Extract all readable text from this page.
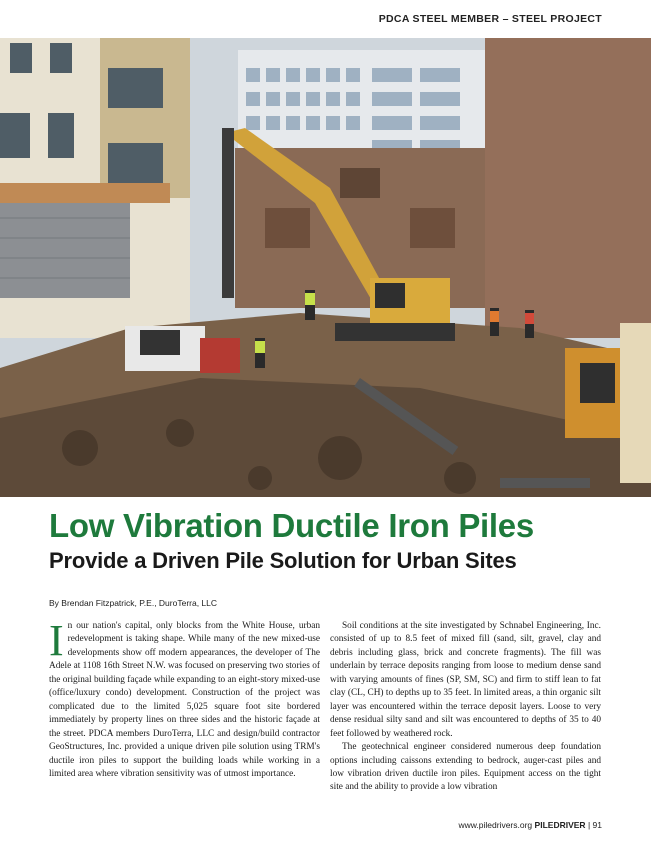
PDCA STEEL MEMBER – STEEL PROJECT
Low Vibration Ductile Iron Piles
Provide a Driven Pile Solution for Urban Sites
By Brendan Fitzpatrick, P.E., DuroTerra, LLC

In our nation's capital, only blocks from the White House, urban redevelopment is taking shape. While many of the new mixed-use developments show off modern appearances, the developer of The Adele at 1108 16th Street N.W. was focused on preserving two stories of the original building façade while expanding to an eight-story mixed-use (office/luxury condo) development. Construction of the project was complicated due to the limited 5,025 square foot site bordered immediately by property lines on three sides and the historic façade at the street. PDCA members DuroTerra, LLC and design/build contractor GeoStructures, Inc. provided a unique driven pile solution using TRM's ductile iron piles to support the building loads while working in a limited area where vibration sensitivity was of utmost importance.

Soil conditions at the site investigated by Schnabel Engineering, Inc. consisted of up to 8.5 feet of mixed fill (sand, silt, gravel, clay and debris including glass, brick and concrete fragments). The fill was underlain by terrace deposits ranging from loose to medium dense sand with varying amounts of fines (SP, SM, SC) and firm to stiff lean to fat clay (CL, CH) to depths up to 35 feet. In limited areas, a thin organic silt layer was encountered within the terrace deposit layers. Loose to very dense residual silty sand and silt was encountered to depths of 35 to 40 feet followed by weathered rock.

The geotechnical engineer considered numerous deep foundation options including caissons extending to bedrock, auger-cast piles and low vibration driven ductile iron piles. Equipment access on the tight site and the ability to provide a low vibration

www.piledrivers.org PILEDRIVER | 91
